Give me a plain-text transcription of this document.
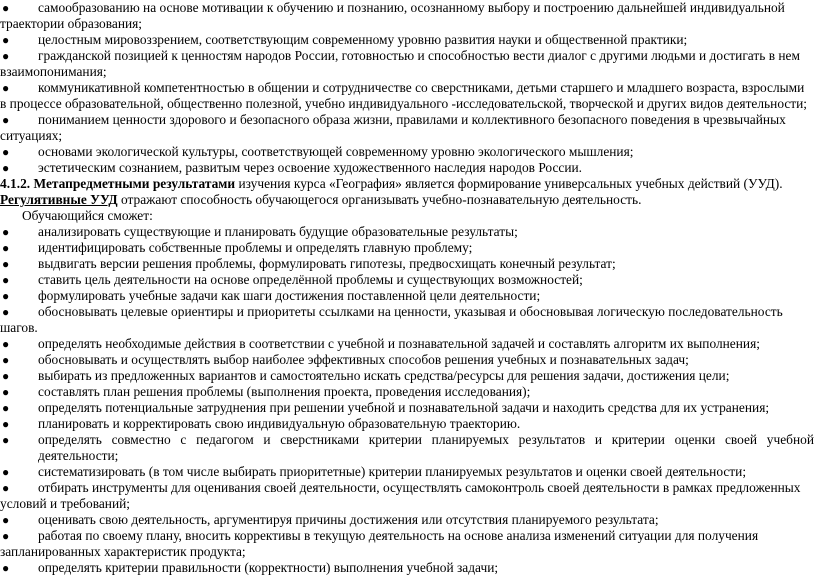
● самообразованию на основе мотивации к обучению и познанию, осознанному выбору и построению дальнейшей индивидуальной
траектории образования;
● целостным мировоззрением, соответствующим современному уровню развития науки и общественной практики;
● гражданской позицией к ценностям народов России, готовностью и способностью вести диалог с другими людьми и достигать в нем
взаимопонимания;
● коммуникативной компетентностью в общении и сотрудничестве со сверстниками, детьми старшего и младшего возраста, взрослыми
в процессе образовательной, общественно полезной, учебно индивидуального -исследовательской, творческой и других видов деятельности;
● пониманием ценности здорового и безопасного образа жизни, правилами и коллективного безопасного поведения в чрезвычайных
ситуациях;
● основами экологической культуры, соответствующей современному уровню экологического мышления;
● эстетическим сознанием, развитым через освоение художественного наследия народов России.
4.1.2. Метапредметными результатами изучения курса «География» является формирование универсальных учебных действий (УУД).
Регулятивные УУД отражают способность обучающегося организывать учебно-познавательную деятельность.
Обучающийся сможет:
● анализировать существующие и планировать будущие образовательные результаты;
● идентифицировать собственные проблемы и определять главную проблему;
● выдвигать версии решения проблемы, формулировать гипотезы, предвосхищать конечный результат;
● ставить цель деятельности на основе определённой проблемы и существующих возможностей;
● формулировать учебные задачи как шаги достижения поставленной цели деятельности;
● обосновывать целевые ориентиры и приоритеты ссылками на ценности, указывая и обосновывая логическую последовательность
шагов.
● определять необходимые действия в соответствии с учебной и познавательной задачей и составлять алгоритм их выполнения;
● обосновывать и осуществлять выбор наиболее эффективных способов решения учебных и познавательных задач;
● выбирать из предложенных вариантов и самостоятельно искать средства/ресурсы для решения задачи, достижения цели;
● составлять план решения проблемы (выполнения проекта, проведения исследования);
● определять потенциальные затруднения при решении учебной и познавательной задачи и находить средства для их устранения;
● планировать и корректировать свою индивидуальную образовательную траекторию.
● определять совместно с педагогом и сверстниками критерии планируемых результатов и критерии оценки своей учебной деятельности;
● систематизировать (в том числе выбирать приоритетные) критерии планируемых результатов и оценки своей деятельности;
● отбирать инструменты для оценивания своей деятельности, осуществлять самоконтроль своей деятельности в рамках предложенных
условий и требований;
● оценивать свою деятельность, аргументируя причины достижения или отсутствия планируемого результата;
● работая по своему плану, вносить коррективы в текущую деятельность на основе анализа изменений ситуации для получения
запланированных характеристик продукта;
● определять критерии правильности (корректности) выполнения учебной задачи;
